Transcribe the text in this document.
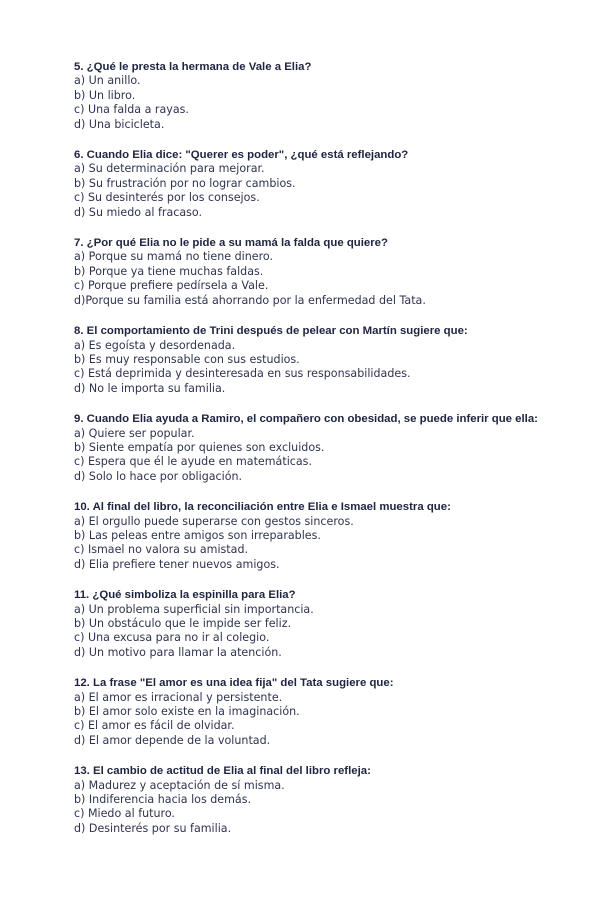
5. ¿Qué le presta la hermana de Vale a Elia?
a) Un anillo.
b) Un libro.
c) Una falda a rayas.
d) Una bicicleta.
6. Cuando Elia dice: "Querer es poder", ¿qué está reflejando?
a) Su determinación para mejorar.
b) Su frustración por no lograr cambios.
c) Su desinterés por los consejos.
d) Su miedo al fracaso.
7. ¿Por qué Elia no le pide a su mamá la falda que quiere?
a) Porque su mamá no tiene dinero.
b) Porque ya tiene muchas faldas.
c) Porque prefiere pedírsela a Vale.
d)Porque su familia está ahorrando por la enfermedad del Tata.
8. El comportamiento de Trini después de pelear con Martín sugiere que:
a) Es egoísta y desordenada.
b) Es muy responsable con sus estudios.
c) Está deprimida y desinteresada en sus responsabilidades.
d) No le importa su familia.
9. Cuando Elia ayuda a Ramiro, el compañero con obesidad, se puede inferir que ella:
a) Quiere ser popular.
b) Siente empatía por quienes son excluidos.
c) Espera que él le ayude en matemáticas.
d) Solo lo hace por obligación.
10. Al final del libro, la reconciliación entre Elia e Ismael muestra que:
a) El orgullo puede superarse con gestos sinceros.
b) Las peleas entre amigos son irreparables.
c) Ismael no valora su amistad.
d) Elia prefiere tener nuevos amigos.
11. ¿Qué simboliza la espinilla para Elia?
a) Un problema superficial sin importancia.
b) Un obstáculo que le impide ser feliz.
c) Una excusa para no ir al colegio.
d) Un motivo para llamar la atención.
12. La frase "El amor es una idea fija" del Tata sugiere que:
a) El amor es irracional y persistente.
b) El amor solo existe en la imaginación.
c) El amor es fácil de olvidar.
d) El amor depende de la voluntad.
13. El cambio de actitud de Elia al final del libro refleja:
a) Madurez y aceptación de sí misma.
b) Indiferencia hacia los demás.
c) Miedo al futuro.
d) Desinterés por su familia.
